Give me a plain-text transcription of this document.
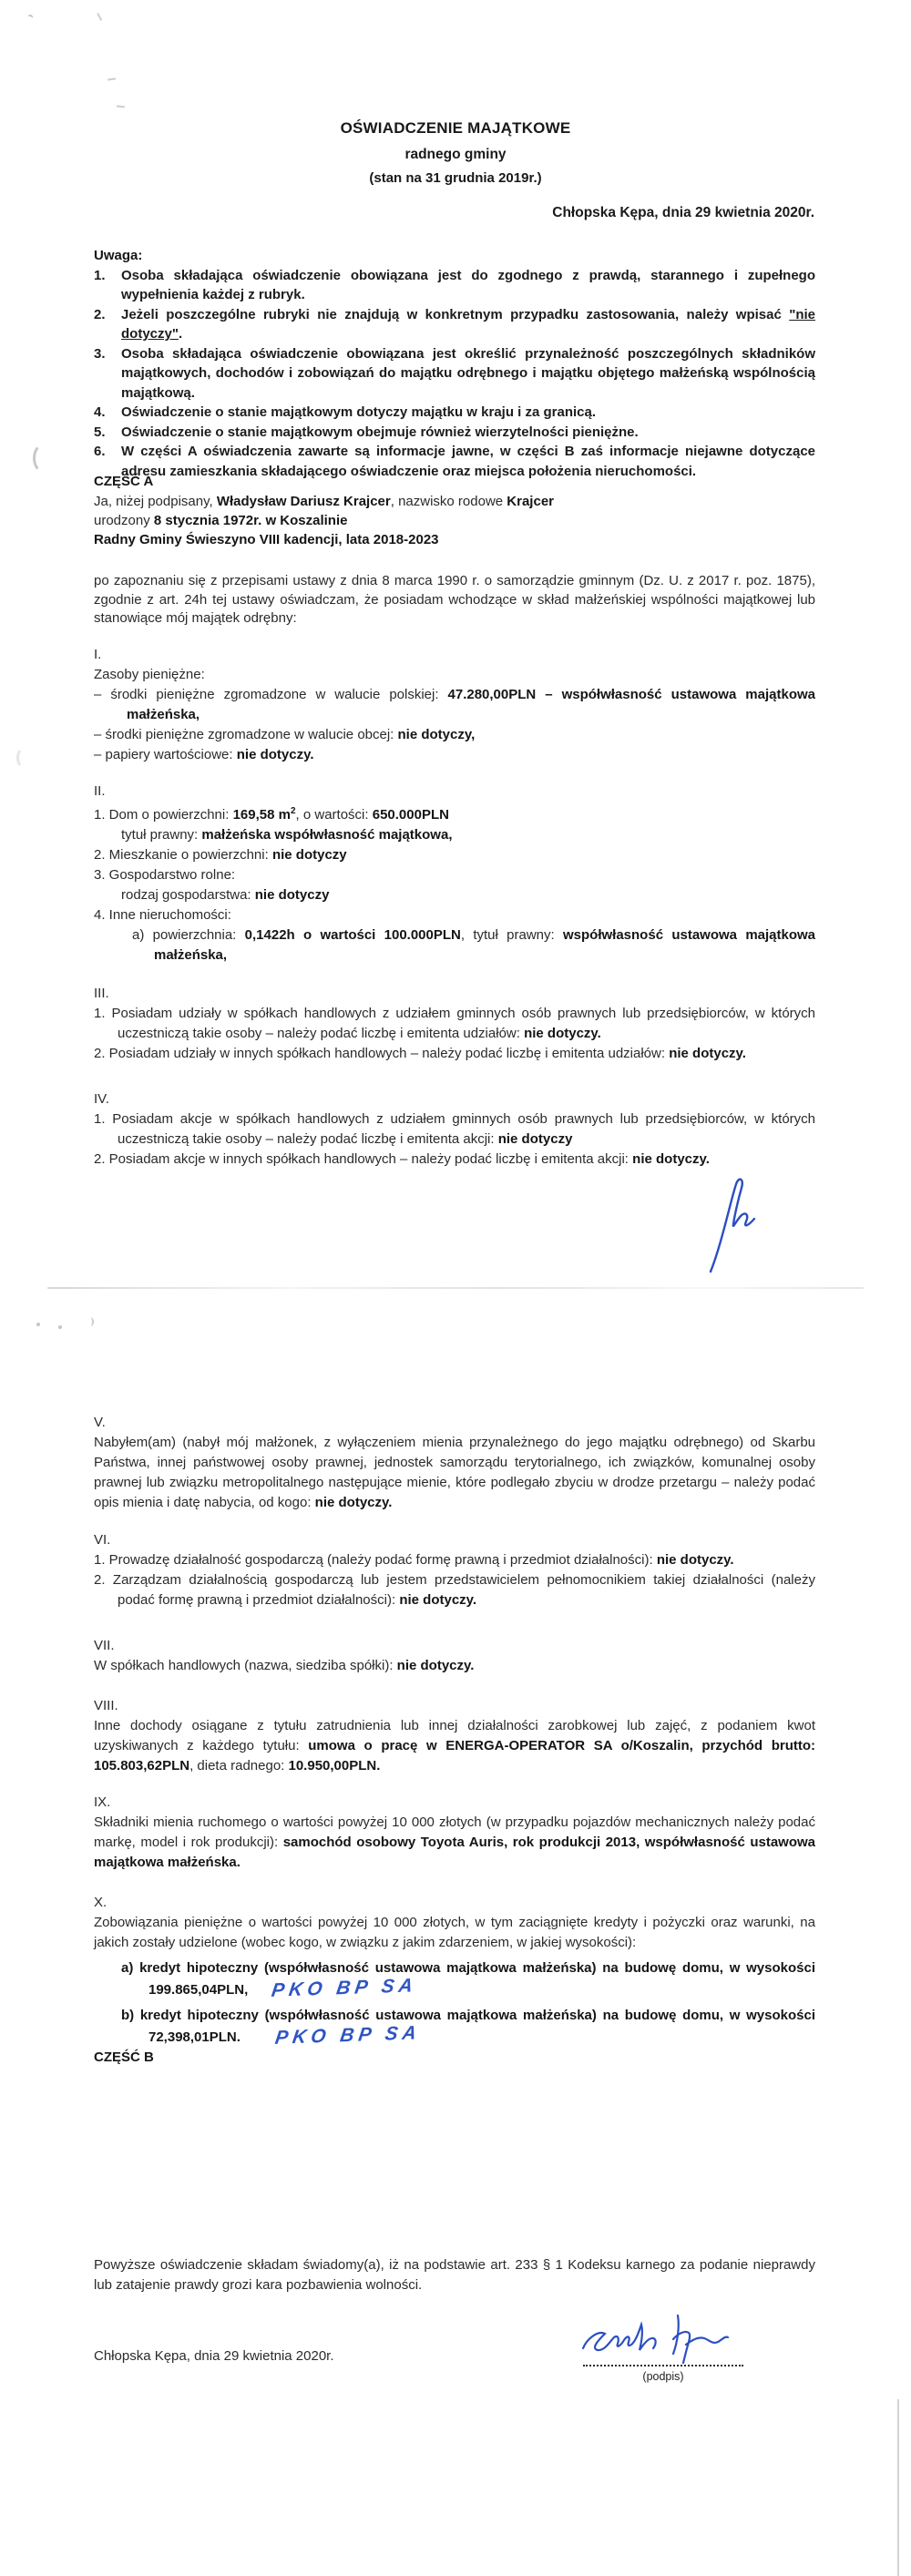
OŚWIADCZENIE MAJĄTKOWE
radnego gminy
(stan na 31 grudnia 2019r.)
Chłopska Kępa, dnia 29 kwietnia 2020r.

Uwaga:

1. Osoba składająca oświadczenie obowiązana jest do zgodnego z prawdą, starannego i zupełnego wypełnienia każdej z rubryk.

2. Jeżeli poszczególne rubryki nie znajdują w konkretnym przypadku zastosowania, należy wpisać "nie dotyczy".

3. Osoba składająca oświadczenie obowiązana jest określić przynależność poszczególnych składników majątkowych, dochodów i zobowiązań do majątku odrębnego i majątku objętego małżeńską wspólnością majątkową.

4. Oświadczenie o stanie majątkowym dotyczy majątku w kraju i za granicą.

5. Oświadczenie o stanie majątkowym obejmuje również wierzytelności pieniężne.

6. W części A oświadczenia zawarte są informacje jawne, w części B zaś informacje niejawne dotyczące adresu zamieszkania składającego oświadczenie oraz miejsca położenia nieruchomości.

CZĘŚĆ A

Ja, niżej podpisany, Władysław Dariusz Krajcer, nazwisko rodowe Krajcer

urodzony 8 stycznia 1972r. w Koszalinie

Radny Gminy Świeszyno VIII kadencji, lata 2018-2023

po zapoznaniu się z przepisami ustawy z dnia 8 marca 1990 r. o samorządzie gminnym (Dz. U. z 2017 r. poz. 1875), zgodnie z art. 24h tej ustawy oświadczam, że posiadam wchodzące w skład małżeńskiej wspólności majątkowej lub stanowiące mój majątek odrębny:

I.

Zasoby pieniężne:

– środki pieniężne zgromadzone w walucie polskiej: 47.280,00PLN – współwłasność ustawowa majątkowa małżeńska,

– środki pieniężne zgromadzone w walucie obcej: nie dotyczy,

– papiery wartościowe: nie dotyczy.

II.

1. Dom o powierzchni: 169,58 $m^2$, o wartości: 650.000PLN

tytuł prawny: małżeńska współwłasność majątkowa,

2. Mieszkanie o powierzchni: nie dotyczy

3. Gospodarstwo rolne:

rodzaj gospodarstwa: nie dotyczy

4. Inne nieruchomości:

a) powierzchnia: 0,1422h o wartości 100.000PLN, tytuł prawny: współwłasność ustawowa majątkowa małżeńska,

III.

1. Posiadam udziały w spółkach handlowych z udziałem gminnych osób prawnych lub przedsiębiorców, w których uczestniczą takie osoby – należy podać liczbę i emitenta udziałów: nie dotyczy.

2. Posiadam udziały w innych spółkach handlowych – należy podać liczbę i emitenta udziałów: nie dotyczy.

IV.

1. Posiadam akcje w spółkach handlowych z udziałem gminnych osób prawnych lub przedsiębiorców, w których uczestniczą takie osoby – należy podać liczbę i emitenta akcji: nie dotyczy

2. Posiadam akcje w innych spółkach handlowych – należy podać liczbę i emitenta akcji: nie dotyczy.

V.

Nabyłem(am) (nabył mój małżonek, z wyłączeniem mienia przynależnego do jego majątku odrębnego) od Skarbu Państwa, innej państwowej osoby prawnej, jednostek samorządu terytorialnego, ich związków, komunalnej osoby prawnej lub związku metropolitalnego następujące mienie, które podlegało zbyciu w drodze przetargu – należy podać opis mienia i datę nabycia, od kogo: nie dotyczy.

VI.

1. Prowadzę działalność gospodarczą (należy podać formę prawną i przedmiot działalności): nie dotyczy.

2. Zarządzam działalnością gospodarczą lub jestem przedstawicielem pełnomocnikiem takiej działalności (należy podać formę prawną i przedmiot działalności): nie dotyczy.

VII.

W spółkach handlowych (nazwa, siedziba spółki): nie dotyczy.

VIII.

Inne dochody osiągane z tytułu zatrudnienia lub innej działalności zarobkowej lub zajęć, z podaniem kwot uzyskiwanych z każdego tytułu: umowa o pracę w ENERGA-OPERATOR SA o/Koszalin, przychód brutto: 105.803,62PLN, dieta radnego: 10.950,00PLN.

IX.

Składniki mienia ruchomego o wartości powyżej 10 000 złotych (w przypadku pojazdów mechanicznych należy podać markę, model i rok produkcji): samochód osobowy Toyota Auris, rok produkcji 2013, współwłasność ustawowa majątkowa małżeńska.

X.

Zobowiązania pieniężne o wartości powyżej 10 000 złotych, w tym zaciągnięte kredyty i pożyczki oraz warunki, na jakich zostały udzielone (wobec kogo, w związku z jakim zdarzeniem, w jakiej wysokości):

a) kredyt hipoteczny (współwłasność ustawowa majątkowa małżeńska) na budowę domu, w wysokości

199.865,04PLN, PKO BP SA

b) kredyt hipoteczny (współwłasność ustawowa majątkowa małżeńska) na budowę domu, w wysokości

72,398,01PLN. PKO BP SA

CZĘŚĆ B

Powyższe oświadczenie składam świadomy(a), iż na podstawie art. 233 § 1 Kodeksu karnego za podanie nieprawdy lub zatajenie prawdy grozi kara pozbawienia wolności.

Chłopska Kępa, dnia 29 kwietnia 2020r.
(podpis)
